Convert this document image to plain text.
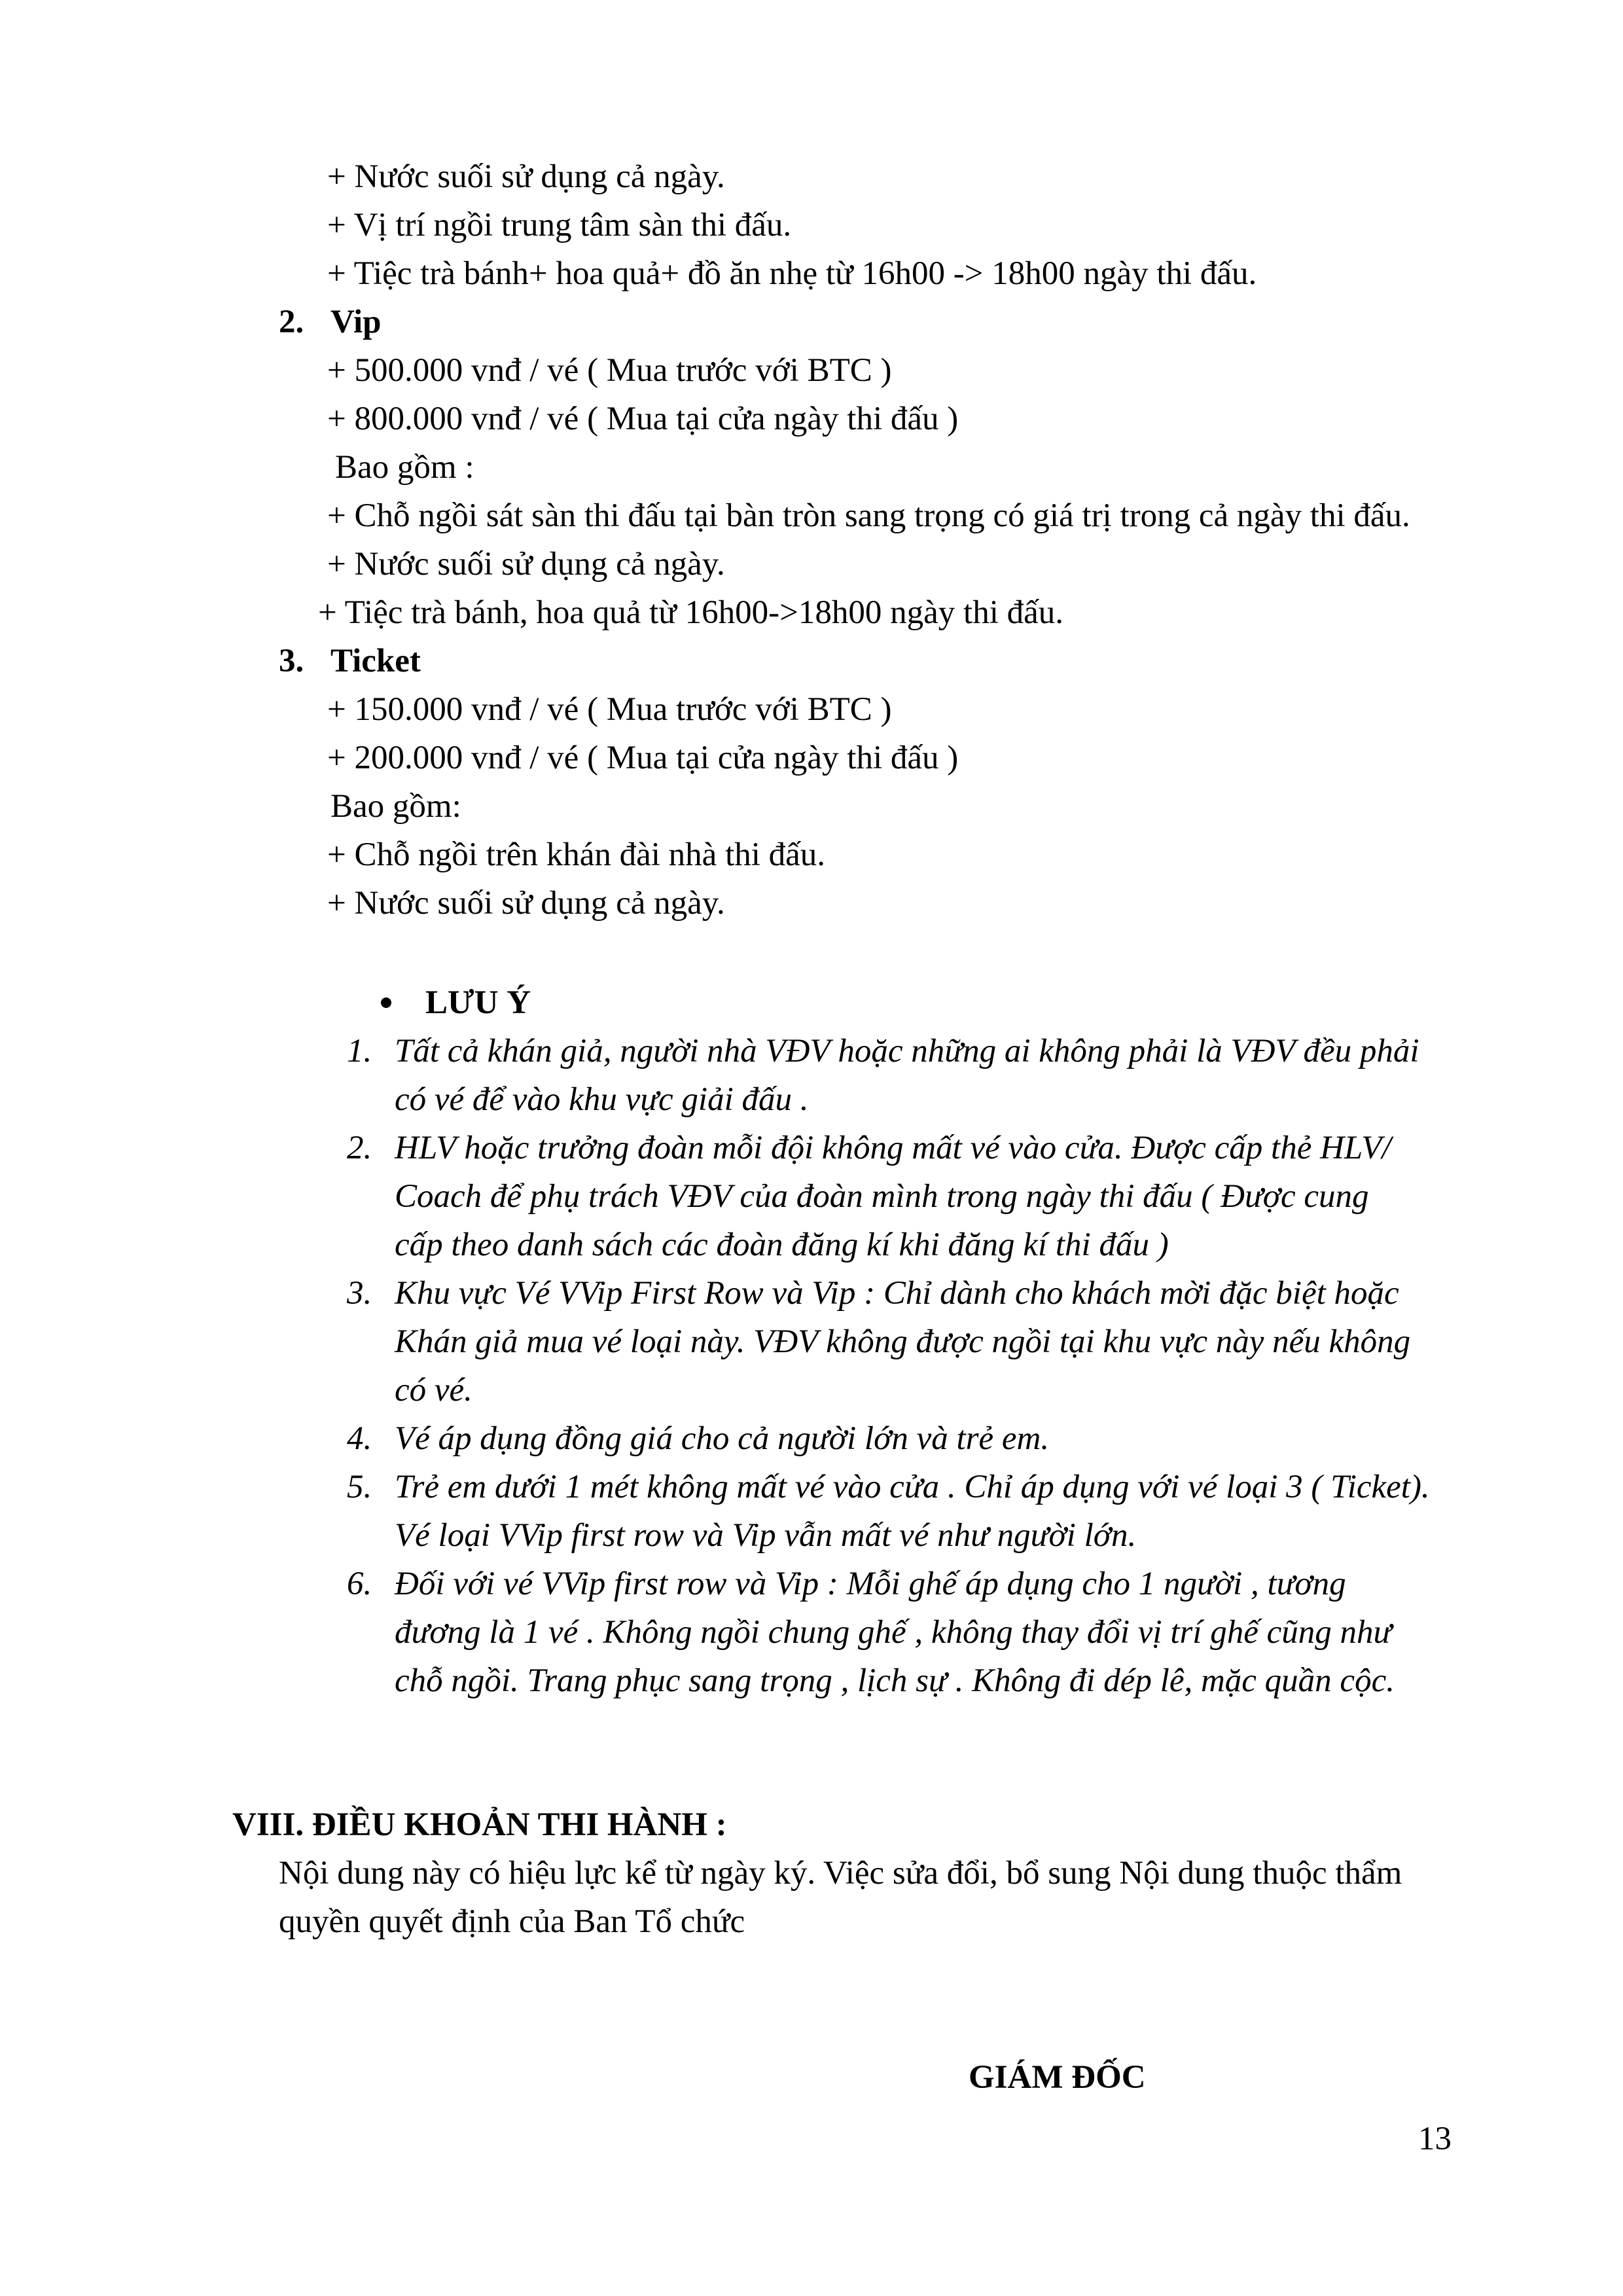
+ Nước suối sử dụng cả ngày.
+ Vị trí ngồi trung tâm sàn thi đấu.
+ Tiệc trà bánh+ hoa quả+ đồ ăn nhẹ từ 16h00 -> 18h00 ngày thi đấu.
2. Vip
+ 500.000 vnđ / vé ( Mua trước với BTC )
+ 800.000 vnđ / vé ( Mua tại cửa ngày thi đấu )
Bao gồm :
+ Chỗ ngồi sát sàn thi đấu tại bàn tròn sang trọng có giá trị trong cả ngày thi đấu.
+ Nước suối sử dụng cả ngày.
+ Tiệc trà bánh, hoa quả từ 16h00->18h00 ngày thi đấu.
3. Ticket
+ 150.000 vnđ / vé ( Mua trước với BTC )
+ 200.000 vnđ / vé ( Mua tại cửa ngày thi đấu )
Bao gồm:
+ Chỗ ngồi trên khán đài nhà thi đấu.
+ Nước suối sử dụng cả ngày.
LƯU Ý
1. Tất cả khán giả, người nhà VĐV hoặc những ai không phải là VĐV đều phải
có vé để vào khu vực giải đấu .
2. HLV hoặc trưởng đoàn mỗi đội không mất vé vào cửa. Được cấp thẻ HLV/
Coach để phụ trách VĐV của đoàn mình trong ngày thi đấu ( Được cung
cấp theo danh sách các đoàn đăng kí khi đăng kí thi đấu )
3. Khu vực Vé VVip First Row và Vip : Chỉ dành cho khách mời đặc biệt hoặc
Khán giả mua vé loại này. VĐV không được ngồi tại khu vực này nếu không
có vé.
4. Vé áp dụng đồng giá cho cả người lớn và trẻ em.
5. Trẻ em dưới 1 mét không mất vé vào cửa . Chỉ áp dụng với vé loại 3 ( Ticket).
Vé loại VVip first row và Vip vẫn mất vé như người lớn.
6. Đối với vé VVip first row và Vip : Mỗi ghế áp dụng cho 1 người , tương
đương là 1 vé . Không ngồi chung ghế , không thay đổi vị trí ghế cũng như
chỗ ngồi. Trang phục sang trọng , lịch sự . Không đi dép lê, mặc quần cộc.
VIII. ĐIỀU KHOẢN THI HÀNH :
Nội dung này có hiệu lực kể từ ngày ký. Việc sửa đổi, bổ sung Nội dung thuộc thẩm
quyền quyết định của Ban Tổ chức
GIÁM ĐỐC
13
